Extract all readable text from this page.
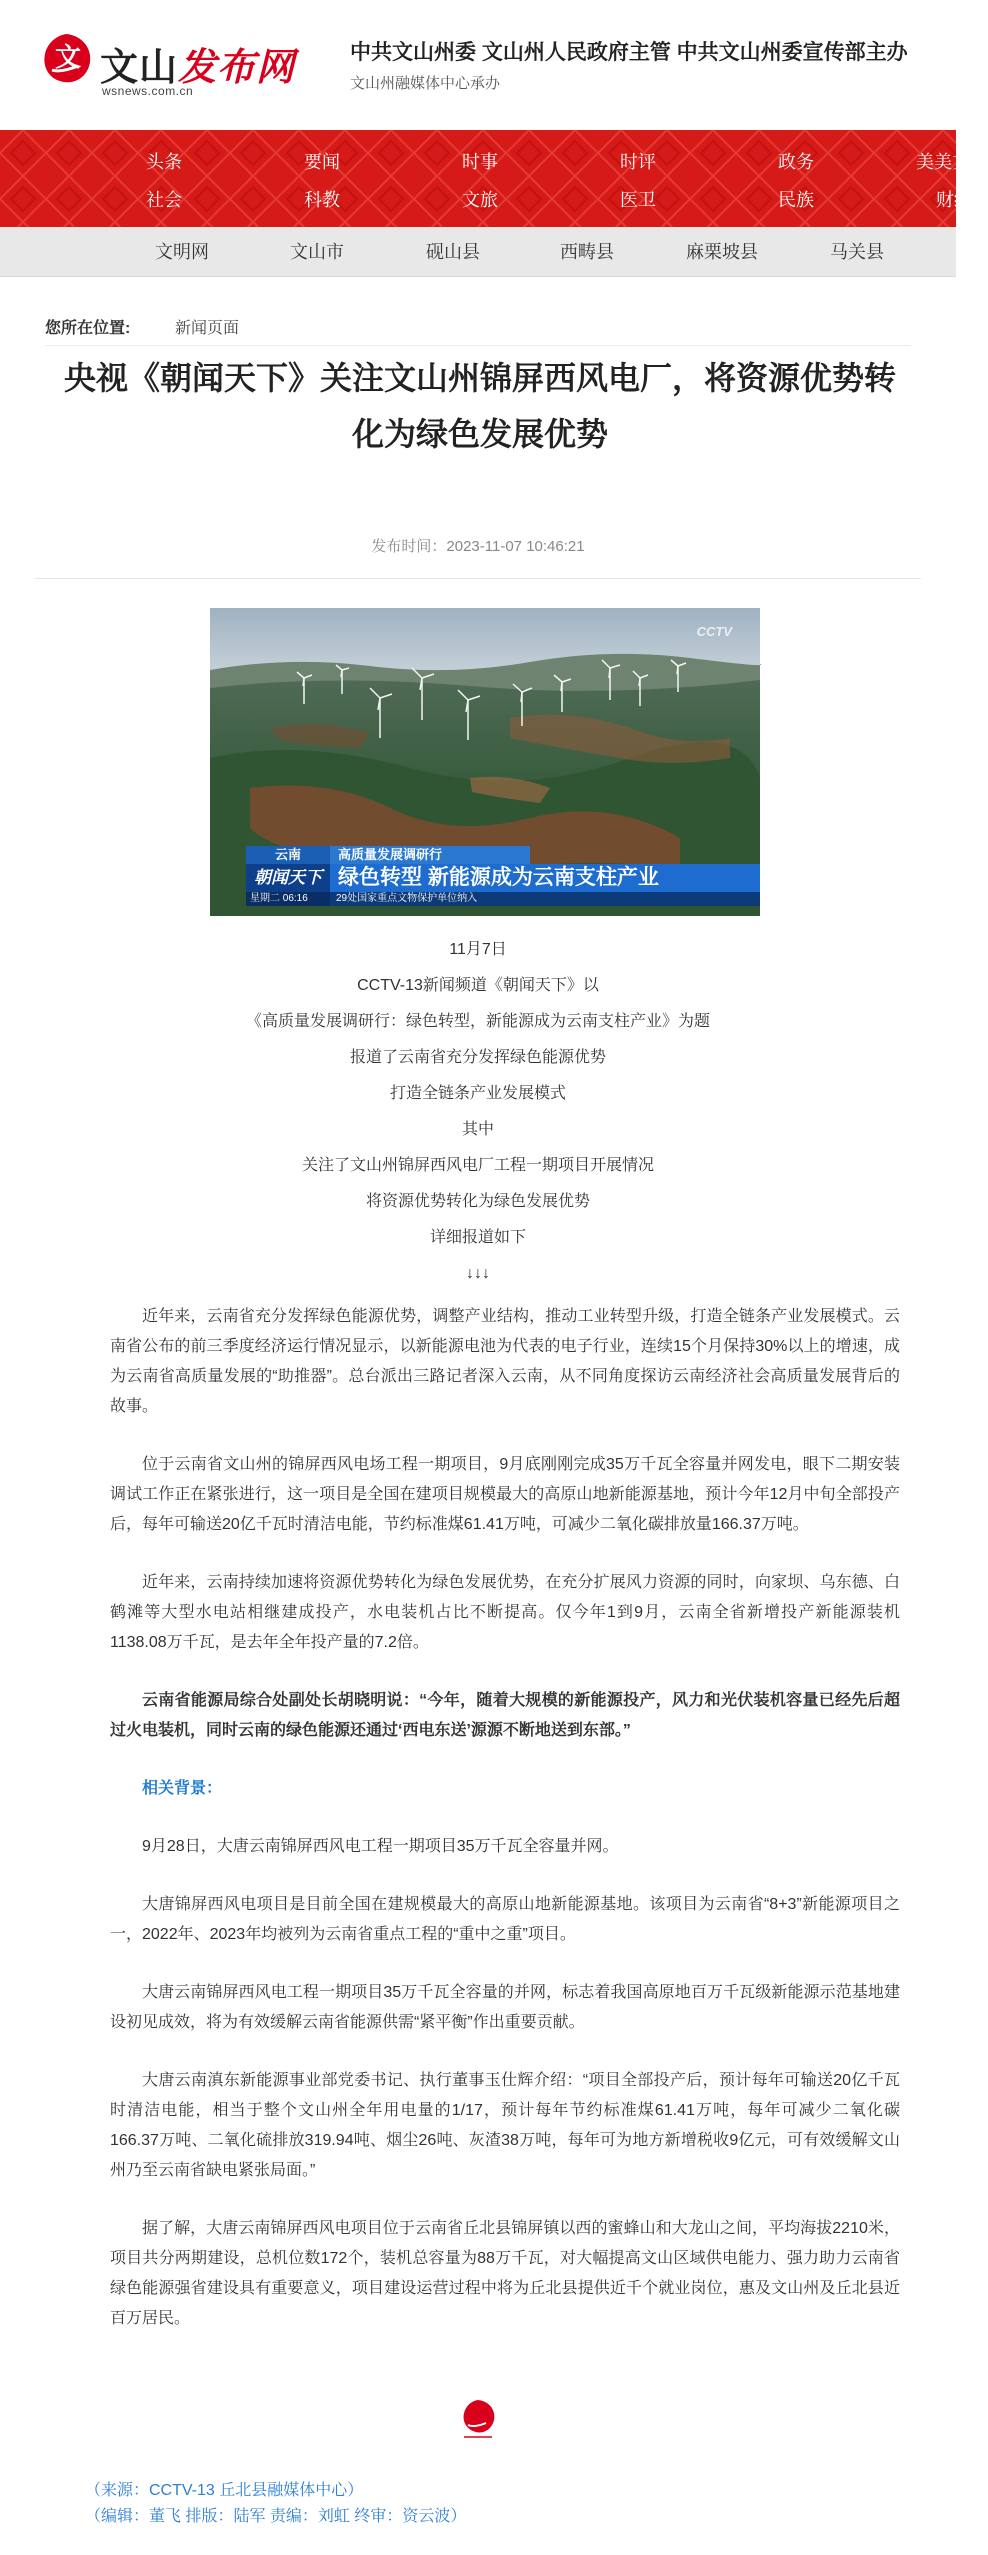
文 文山发布网
wsnews.com.cn
中共文山州委 文山州人民政府主管 中共文山州委宣传部主办
文山州融媒体中心承办
头条	要闻	时事	时评	政务	美美文山
社会	科教	文旅	医卫	民族	财经
文明网	文山市	砚山县	西畴县	麻栗坡县	马关县
您所在位置:	新闻页面
央视《朝闻天下》关注文山州锦屏西风电厂，将资源优势转化为绿色发展优势
发布时间：2023-11-07 10:46:21
CCTV
云南	高质量发展调研行
朝闻天下 绿色转型 新能源成为云南支柱产业
星期二 06:16	29处国家重点文物保护单位纳入

11月7日

CCTV-13新闻频道《朝闻天下》以

《高质量发展调研行：绿色转型，新能源成为云南支柱产业》为题

报道了云南省充分发挥绿色能源优势

打造全链条产业发展模式

其中

关注了文山州锦屏西风电厂工程一期项目开展情况

将资源优势转化为绿色发展优势

详细报道如下

↓↓↓

近年来，云南省充分发挥绿色能源优势，调整产业结构，推动工业转型升级，打造全链条产业发展模式。云南省公布的前三季度经济运行情况显示，以新能源电池为代表的电子行业，连续15个月保持30%以上的增速，成为云南省高质量发展的“助推器”。总台派出三路记者深入云南，从不同角度探访云南经济社会高质量发展背后的故事。

位于云南省文山州的锦屏西风电场工程一期项目，9月底刚刚完成35万千瓦全容量并网发电，眼下二期安装调试工作正在紧张进行，这一项目是全国在建项目规模最大的高原山地新能源基地，预计今年12月中旬全部投产后，每年可输送20亿千瓦时清洁电能，节约标准煤61.41万吨，可减少二氧化碳排放量166.37万吨。

近年来，云南持续加速将资源优势转化为绿色发展优势，在充分扩展风力资源的同时，向家坝、乌东德、白鹤滩等大型水电站相继建成投产，水电装机占比不断提高。仅今年1到9月，云南全省新增投产新能源装机1138.08万千瓦，是去年全年投产量的7.2倍。

云南省能源局综合处副处长胡晓明说：“今年，随着大规模的新能源投产，风力和光伏装机容量已经先后超过火电装机，同时云南的绿色能源还通过‘西电东送’源源不断地送到东部。”

相关背景：

9月28日，大唐云南锦屏西风电工程一期项目35万千瓦全容量并网。

大唐锦屏西风电项目是目前全国在建规模最大的高原山地新能源基地。该项目为云南省“8+3”新能源项目之一，2022年、2023年均被列为云南省重点工程的“重中之重”项目。

大唐云南锦屏西风电工程一期项目35万千瓦全容量的并网，标志着我国高原地百万千瓦级新能源示范基地建设初见成效，将为有效缓解云南省能源供需“紧平衡”作出重要贡献。

大唐云南滇东新能源事业部党委书记、执行董事玉仕辉介绍：“项目全部投产后，预计每年可输送20亿千瓦时清洁电能，相当于整个文山州全年用电量的1/17，预计每年节约标准煤61.41万吨，每年可减少二氧化碳166.37万吨、二氧化硫排放319.94吨、烟尘26吨、灰渣38万吨，每年可为地方新增税收9亿元，可有效缓解文山州乃至云南省缺电紧张局面。”

据了解，大唐云南锦屏西风电项目位于云南省丘北县锦屏镇以西的蜜蜂山和大龙山之间，平均海拔2210米，项目共分两期建设，总机位数172个，装机总容量为88万千瓦，对大幅提高文山区域供电能力、强力助力云南省绿色能源强省建设具有重要意义，项目建设运营过程中将为丘北县提供近千个就业岗位，惠及文山州及丘北县近百万居民。

（来源：CCTV-13 丘北县融媒体中心）
（编辑：董飞 排版：陆军 责编：刘虹 终审：资云波）
